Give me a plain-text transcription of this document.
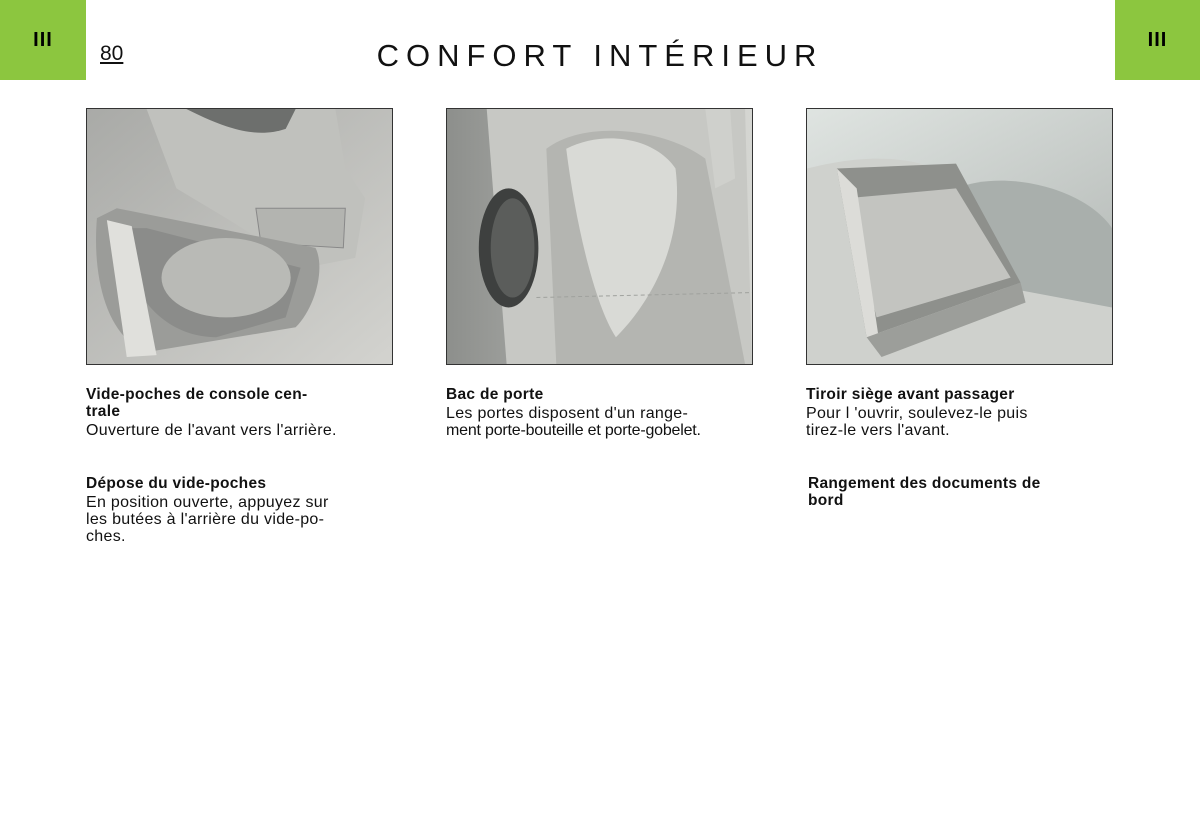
III	III
80	CONFORT INTÉRIEUR
Vide-poches de console cen-
trale

Ouverture de l'avant vers l'arrière.

Dépose du vide-poches

En position ouverte, appuyez sur
les butées à l'arrière du vide-po-
ches.

Bac de porte

Les portes disposent d'un range-
ment porte-bouteille et porte-gobelet.

Tiroir siège avant passager

Pour l 'ouvrir, soulevez-le puis
tirez-le vers l'avant.

Rangement des documents de
bord
